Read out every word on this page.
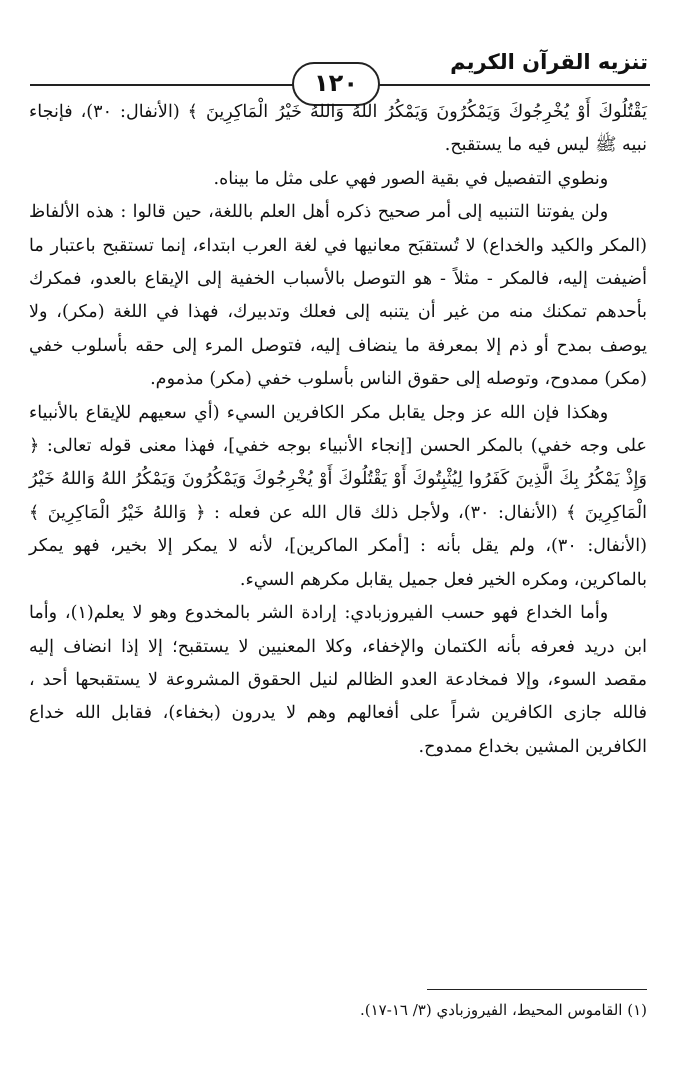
تنزيه القرآن الكريم
١٢٠

يَقْتُلُوكَ أَوْ يُخْرِجُوكَ وَيَمْكُرُونَ وَيَمْكُرُ اللهُ وَاللهُ خَيْرُ الْمَاكِرِينَ ﴾ (الأنفال: ٣٠)، فإنجاء نبيه ﷺ ليس فيه ما يستقبح.

ونطوي التفصيل في بقية الصور فهي على مثل ما بيناه.

ولن يفوتنا التنبيه إلى أمر صحيح ذكره أهل العلم باللغة، حين قالوا : هذه الألفاظ (المكر والكيد والخداع) لا تُستقبَح معانيها في لغة العرب ابتداء، إنما تستقبح باعتبار ما أضيفت إليه، فالمكر - مثلاً - هو التوصل بالأسباب الخفية إلى الإيقاع بالعدو، فمكرك بأحدهم تمكنك منه من غير أن يتنبه إلى فعلك وتدبيرك، فهذا في اللغة (مكر)، ولا يوصف بمدح أو ذم إلا بمعرفة ما ينضاف إليه، فتوصل المرء إلى حقه بأسلوب خفي (مكر) ممدوح، وتوصله إلى حقوق الناس بأسلوب خفي (مكر) مذموم.

وهكذا فإن الله عز وجل يقابل مكر الكافرين السيء (أي سعيهم للإيقاع بالأنبياء على وجه خفي) بالمكر الحسن [إنجاء الأنبياء بوجه خفي]، فهذا معنى قوله تعالى: ﴿ وَإِذْ يَمْكُرُ بِكَ الَّذِينَ كَفَرُوا لِيُثْبِتُوكَ أَوْ يَقْتُلُوكَ أَوْ يُخْرِجُوكَ وَيَمْكُرُونَ وَيَمْكُرُ اللهُ وَاللهُ خَيْرُ الْمَاكِرِينَ ﴾ (الأنفال: ٣٠)، ولأجل ذلك قال الله عن فعله : ﴿ وَاللهُ خَيْرُ الْمَاكِرِينَ ﴾ (الأنفال: ٣٠)، ولم يقل بأنه : [أمكر الماكرين]، لأنه لا يمكر إلا بخير، فهو يمكر بالماكرين، ومكره الخير فعل جميل يقابل مكرهم السيء.

وأما الخداع فهو حسب الفيروزبادي: إرادة الشر بالمخدوع وهو لا يعلم(١)، وأما ابن دريد فعرفه بأنه الكتمان والإخفاء، وكلا المعنيين لا يستقبح؛ إلا إذا انضاف إليه مقصد السوء، وإلا فمخادعة العدو الظالم لنيل الحقوق المشروعة لا يستقبحها أحد ، فالله جازى الكافرين شراً على أفعالهم وهم لا يدرون (بخفاء)، فقابل الله خداع الكافرين المشين بخداع ممدوح.

(١) القاموس المحيط، الفيروزبادي (٣/ ١٦-١٧).
